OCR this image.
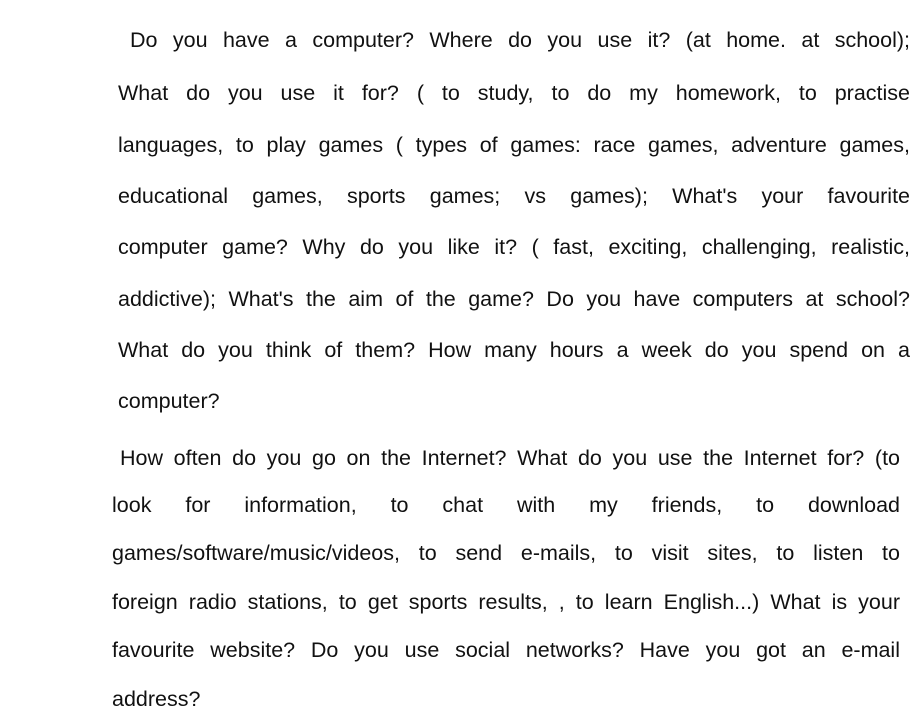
Do you have a computer? Where do you use it? (at home. at school);
What do you use it for? ( to study, to do my homework, to practise
languages, to play games ( types of games: race games, adventure games,
educational games, sports games; vs games); What's your favourite
computer game? Why do you like it? ( fast, exciting, challenging, realistic,
addictive); What's the aim of the game? Do you have computers at school?
What do you think of them? How many hours a week do you spend on a
computer?
How often do you go on the Internet? What do you use the Internet for? (to
look for information, to chat with my friends, to download
games/software/music/videos, to send e-mails, to visit sites, to listen to
foreign radio stations, to get sports results, , to learn English...) What is your
favourite website? Do you use social networks? Have you got an e-mail
address?
